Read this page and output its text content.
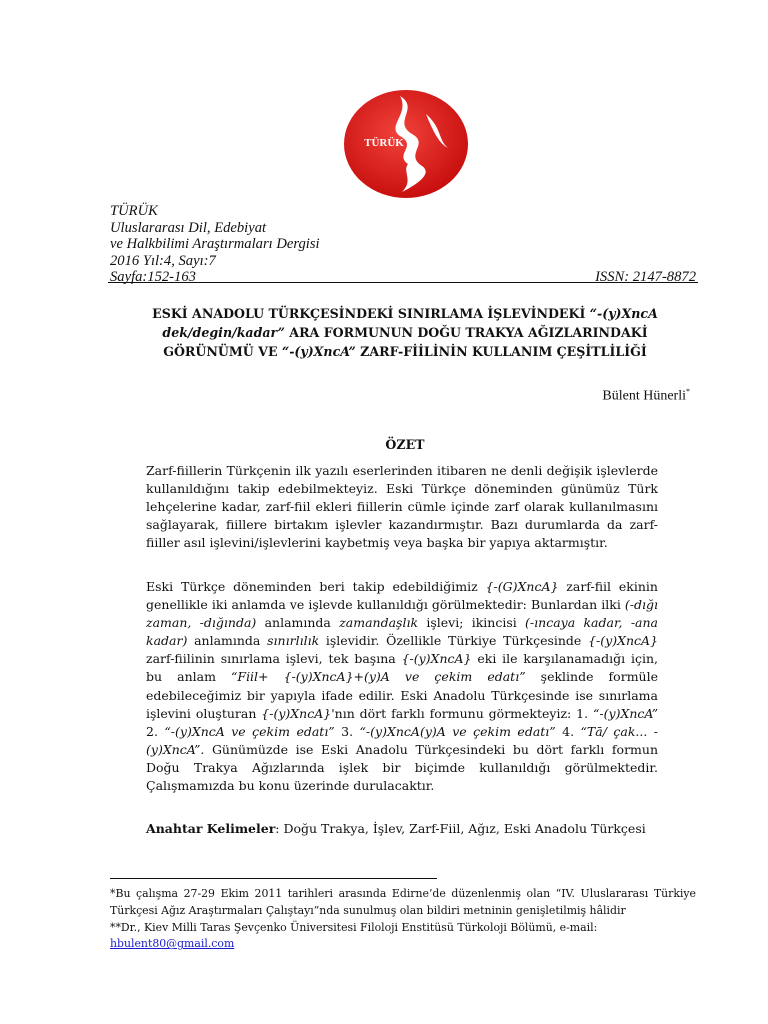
TÜRÜK
TÜRÜK
Uluslararası Dil, Edebiyat
ve Halkbilimi Araştırmaları Dergisi
2016 Yıl:4, Sayı:7
Sayfa:152-163	ISSN: 2147-8872
ESKİ ANADOLU TÜRKÇESİNDEKİ SINIRLAMA İŞLEVİNDEKİ “-(y)XncA
dek/degin/kadar” ARA FORMUNUN DOĞU TRAKYA AĞIZLARINDAKİ
GÖRÜNÜMÜ VE “-(y)XncA” ZARF-FİİLİNİN KULLANIM ÇEŞİTLİLİĞİ
Bülent Hünerli*
ÖZET
Zarf-fiillerin Türkçenin ilk yazılı eserlerinden itibaren ne denli değişik işlevlerde kullanıldığını takip edebilmekteyiz. Eski Türkçe döneminden günümüz Türk lehçelerine kadar, zarf-fiil ekleri fiillerin cümle içinde zarf olarak kullanılmasını sağlayarak, fiillere birtakım işlevler kazandırmıştır. Bazı durumlarda da zarf-fiiller asıl işlevini/işlevlerini kaybetmiş veya başka bir yapıya aktarmıştır.
Eski Türkçe döneminden beri takip edebildiğimiz {-(G)XncA} zarf-fiil ekinin genellikle iki anlamda ve işlevde kullanıldığı görülmektedir: Bunlardan ilki (-dığı zaman, -dığında) anlamında zamandaşlık işlevi; ikincisi (-ıncaya kadar, -ana kadar) anlamında sınırlılık işlevidir. Özellikle Türkiye Türkçesinde {-(y)XncA} zarf-fiilinin sınırlama işlevi, tek başına {-(y)XncA} eki ile karşılanamadığı için, bu anlam “Fiil+ {-(y)XncA}+(y)A ve çekim edatı” şeklinde formüle edebileceğimiz bir yapıyla ifade edilir. Eski Anadolu Türkçesinde ise sınırlama işlevini oluşturan {-(y)XncA}'nın dört farklı formunu görmekteyiz: 1. “-(y)XncA” 2. “-(y)XncA ve çekim edatı” 3. “-(y)XncA(y)A ve çekim edatı” 4. “Tā/ çak... -(y)XncA”. Günümüzde ise Eski Anadolu Türkçesindeki bu dört farklı formun Doğu Trakya Ağızlarında işlek bir biçimde kullanıldığı görülmektedir. Çalışmamızda bu konu üzerinde durulacaktır.
Anahtar Kelimeler: Doğu Trakya, İşlev, Zarf-Fiil, Ağız, Eski Anadolu Türkçesi
*Bu çalışma 27-29 Ekim 2011 tarihleri arasında Edirne’de düzenlenmiş olan “IV. Uluslararası Türkiye Türkçesi Ağız Araştırmaları Çalıştayı”nda sunulmuş olan bildiri metninin genişletilmiş hâlidir
**Dr., Kiev Milli Taras Şevçenko Üniversitesi Filoloji Enstitüsü Türkoloji Bölümü, e-mail:
hbulent80@gmail.com
